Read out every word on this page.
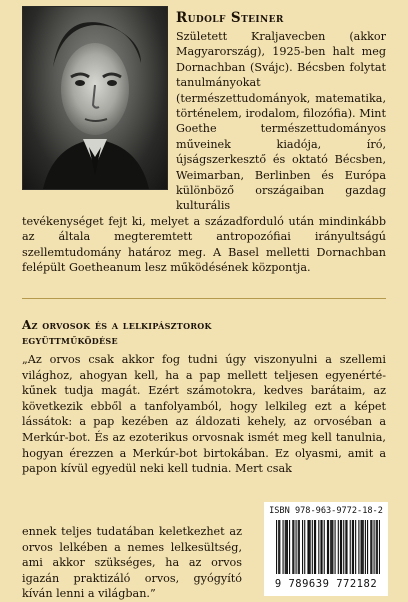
Rudolf Steiner
Született Kraljavecben (akkor Magyarország), 1925-ben halt meg Dornachban (Svájc). Bécsben folytat tanulmányokat (természettudományok, matematika, történelem, irodalom, filozófia). Mint Goethe természettudományos műveinek kiadója, író, újságszerkesztő és oktató Bécsben, Weimarban, Berlinben és Európa különböző országaiban gazdag kulturális
tevékenységet fejt ki, melyet a századforduló után mindinkább az általa megteremtett antropozófiai irányultságú szellemtudomány határoz meg. A Basel melletti Dornachban felépült Goetheanum lesz működésének központja.
Az orvosok és a lelkipásztorok
együttműködése
„Az orvos csak akkor fog tudni úgy viszonyulni a szellemi világhoz, ahogyan kell, ha a pap mellett teljesen egyenértékűnek tudja magát. Ezért számotokra, kedves barátaim, az következik ebből a tanfolyamból, hogy lelkileg ezt a képet lássátok: a pap kezében az áldozati kehely, az orvoséban a Merkúr-bot. És az ezoterikus orvosnak ismét meg kell tanulnia, hogyan érezzen a Merkúr-bot birtokában. Ez olyasmi, amit a papon kívül egyedül neki kell tudnia. Mert csak
ennek teljes tudatában keletkezhet az orvos lelkében a nemes lelkesültség, ami akkor szükséges, ha az orvos igazán praktizáló orvos, gyógyító kíván lenni a világban.”
ISBN 978-963-9772-18-2
9 789639 772182
